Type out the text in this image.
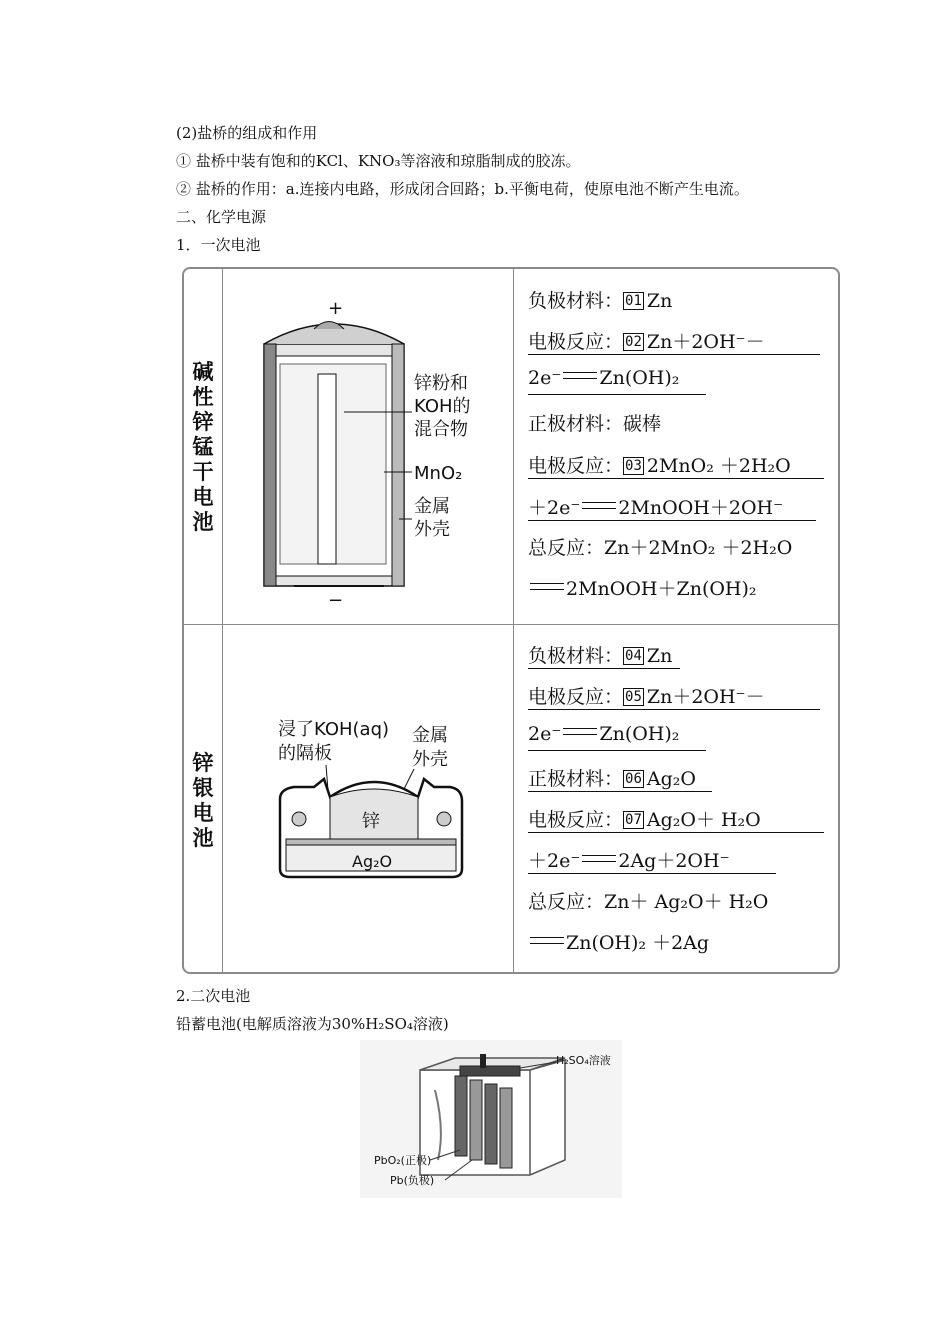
(2)盐桥的组成和作用
① 盐桥中装有饱和的KCl、KNO₃等溶液和琼脂制成的胶冻。
② 盐桥的作用：a.连接内电路，形成闭合回路；b.平衡电荷，使原电池不断产生电流。
二、化学电源
1．一次电池
碱
性
锌
锰
干
电
池
+
−
锌粉和
KOH的
混合物
MnO₂
金属
外壳
负极材料： 01 Zn
电极反应： 02 Zn＋2OH⁻－
2e⁻ Zn(OH)₂
正极材料：碳棒
电极反应： 03 2MnO₂ ＋2H₂O
＋2e⁻ 2MnOOH＋2OH⁻
总反应：Zn＋2MnO₂ ＋2H₂O
2MnOOH＋Zn(OH)₂
锌
银
电
池
浸了KOH(aq)
的隔板
金属
外壳
锌
Ag₂O
负极材料： 04 Zn
电极反应： 05 Zn＋2OH⁻－
2e⁻ Zn(OH)₂
正极材料： 06 Ag₂O
电极反应： 07 Ag₂O＋ H₂O
＋2e⁻ 2Ag＋2OH⁻
总反应：Zn＋ Ag₂O＋ H₂O
Zn(OH)₂ ＋2Ag
2.二次电池
铅蓄电池(电解质溶液为30%H₂SO₄溶液)
H₂SO₄溶液
PbO₂(正极)
Pb(负极)
